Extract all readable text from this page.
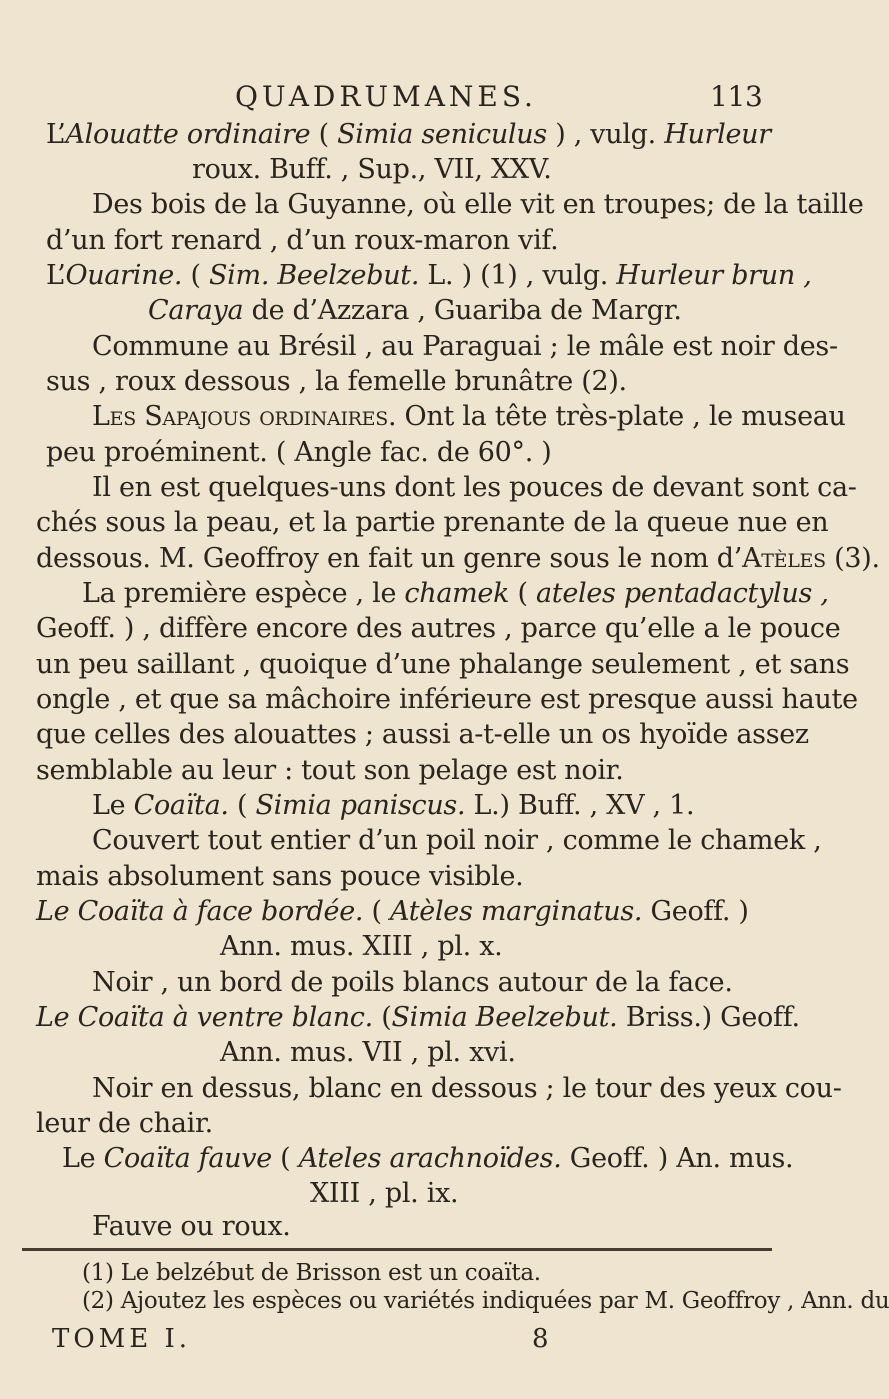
QUADRUMANES.	113
L’Alouatte ordinaire ( Simia seniculus ) , vulg. Hurleur
roux. Buff. , Sup., VII, XXV.
Des bois de la Guyanne, où elle vit en troupes; de la taille
d’un fort renard , d’un roux-maron vif.
L’Ouarine. ( Sim. Beelzebut. L. ) (1) , vulg. Hurleur brun ,
Caraya de d’Azzara , Guariba de Margr.
Commune au Brésil , au Paraguai ; le mâle est noir des-
sus , roux dessous , la femelle brunâtre (2).
Les Sapajous ordinaires. Ont la tête très-plate , le museau
peu proéminent. ( Angle fac. de 60°. )
Il en est quelques-uns dont les pouces de devant sont ca-
chés sous la peau, et la partie prenante de la queue nue en
dessous. M. Geoffroy en fait un genre sous le nom d’Atèles (3).
La première espèce , le chamek ( ateles pentadactylus ,
Geoff. ) , diffère encore des autres , parce qu’elle a le pouce
un peu saillant , quoique d’une phalange seulement , et sans
ongle , et que sa mâchoire inférieure est presque aussi haute
que celles des alouattes ; aussi a-t-elle un os hyoïde assez
semblable au leur : tout son pelage est noir.
Le Coaïta. ( Simia paniscus. L.) Buff. , XV , 1.
Couvert tout entier d’un poil noir , comme le chamek ,
mais absolument sans pouce visible.
Le Coaïta à face bordée. ( Atèles marginatus. Geoff. )
Ann. mus. XIII , pl. x.
Noir , un bord de poils blancs autour de la face.
Le Coaïta à ventre blanc. (Simia Beelzebut. Briss.) Geoff.
Ann. mus. VII , pl. xvi.
Noir en dessus, blanc en dessous ; le tour des yeux cou-
leur de chair.
Le Coaïta fauve ( Ateles arachnoïdes. Geoff. ) An. mus.
XIII , pl. ix.
Fauve ou roux.
(1) Le belzébut de Brisson est un coaïta.
(2) Ajoutez les espèces ou variétés indiquées par M. Geoffroy , Ann. du
TOME I.	8
